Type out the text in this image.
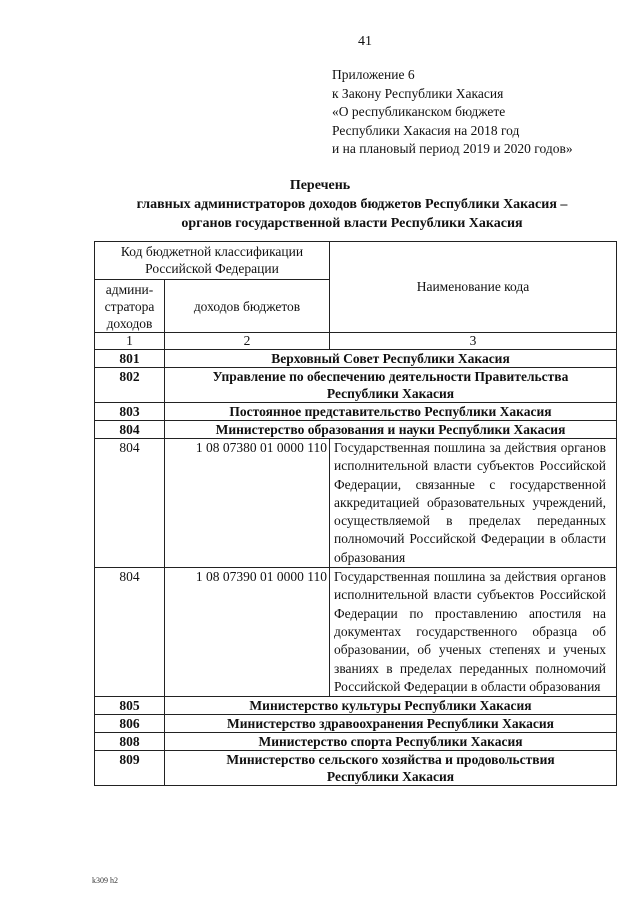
41
Приложение 6
к Закону Республики Хакасия
«О республиканском бюджете
Республики Хакасия на 2018 год
и на плановый период 2019 и 2020 годов»
Перечень
главных администраторов доходов бюджетов Республики Хакасия –
органов государственной власти Республики Хакасия
Код бюджетной классификации Российской Федерации		Наименование кода
админи-стратора доходов	доходов бюджетов	
1	2	3
801	Верховный Совет Республики Хакасия	
802	Управление по обеспечению деятельности Правительства Республики Хакасия	
803	Постоянное представительство Республики Хакасия	
804	Министерство образования и науки Республики Хакасия	
804	1 08 07380 01 0000 110	Государственная пошлина за действия органов исполнительной власти субъектов Российской Федерации, связанные с государственной аккредитацией образовательных учреждений, осуществляемой в пределах переданных полномочий Российской Федерации в области образования
804	1 08 07390 01 0000 110	Государственная пошлина за действия органов исполнительной власти субъектов Российской Федерации по проставлению апостиля на документах государственного образца об образовании, об ученых степенях и ученых званиях в пределах переданных полномочий Российской Федерации в области образования
805	Министерство культуры Республики Хакасия	
806	Министерство здравоохранения Республики Хакасия	
808	Министерство спорта Республики Хакасия	
809	Министерство сельского хозяйства и продовольствия Республики Хакасия	
k309 h2
